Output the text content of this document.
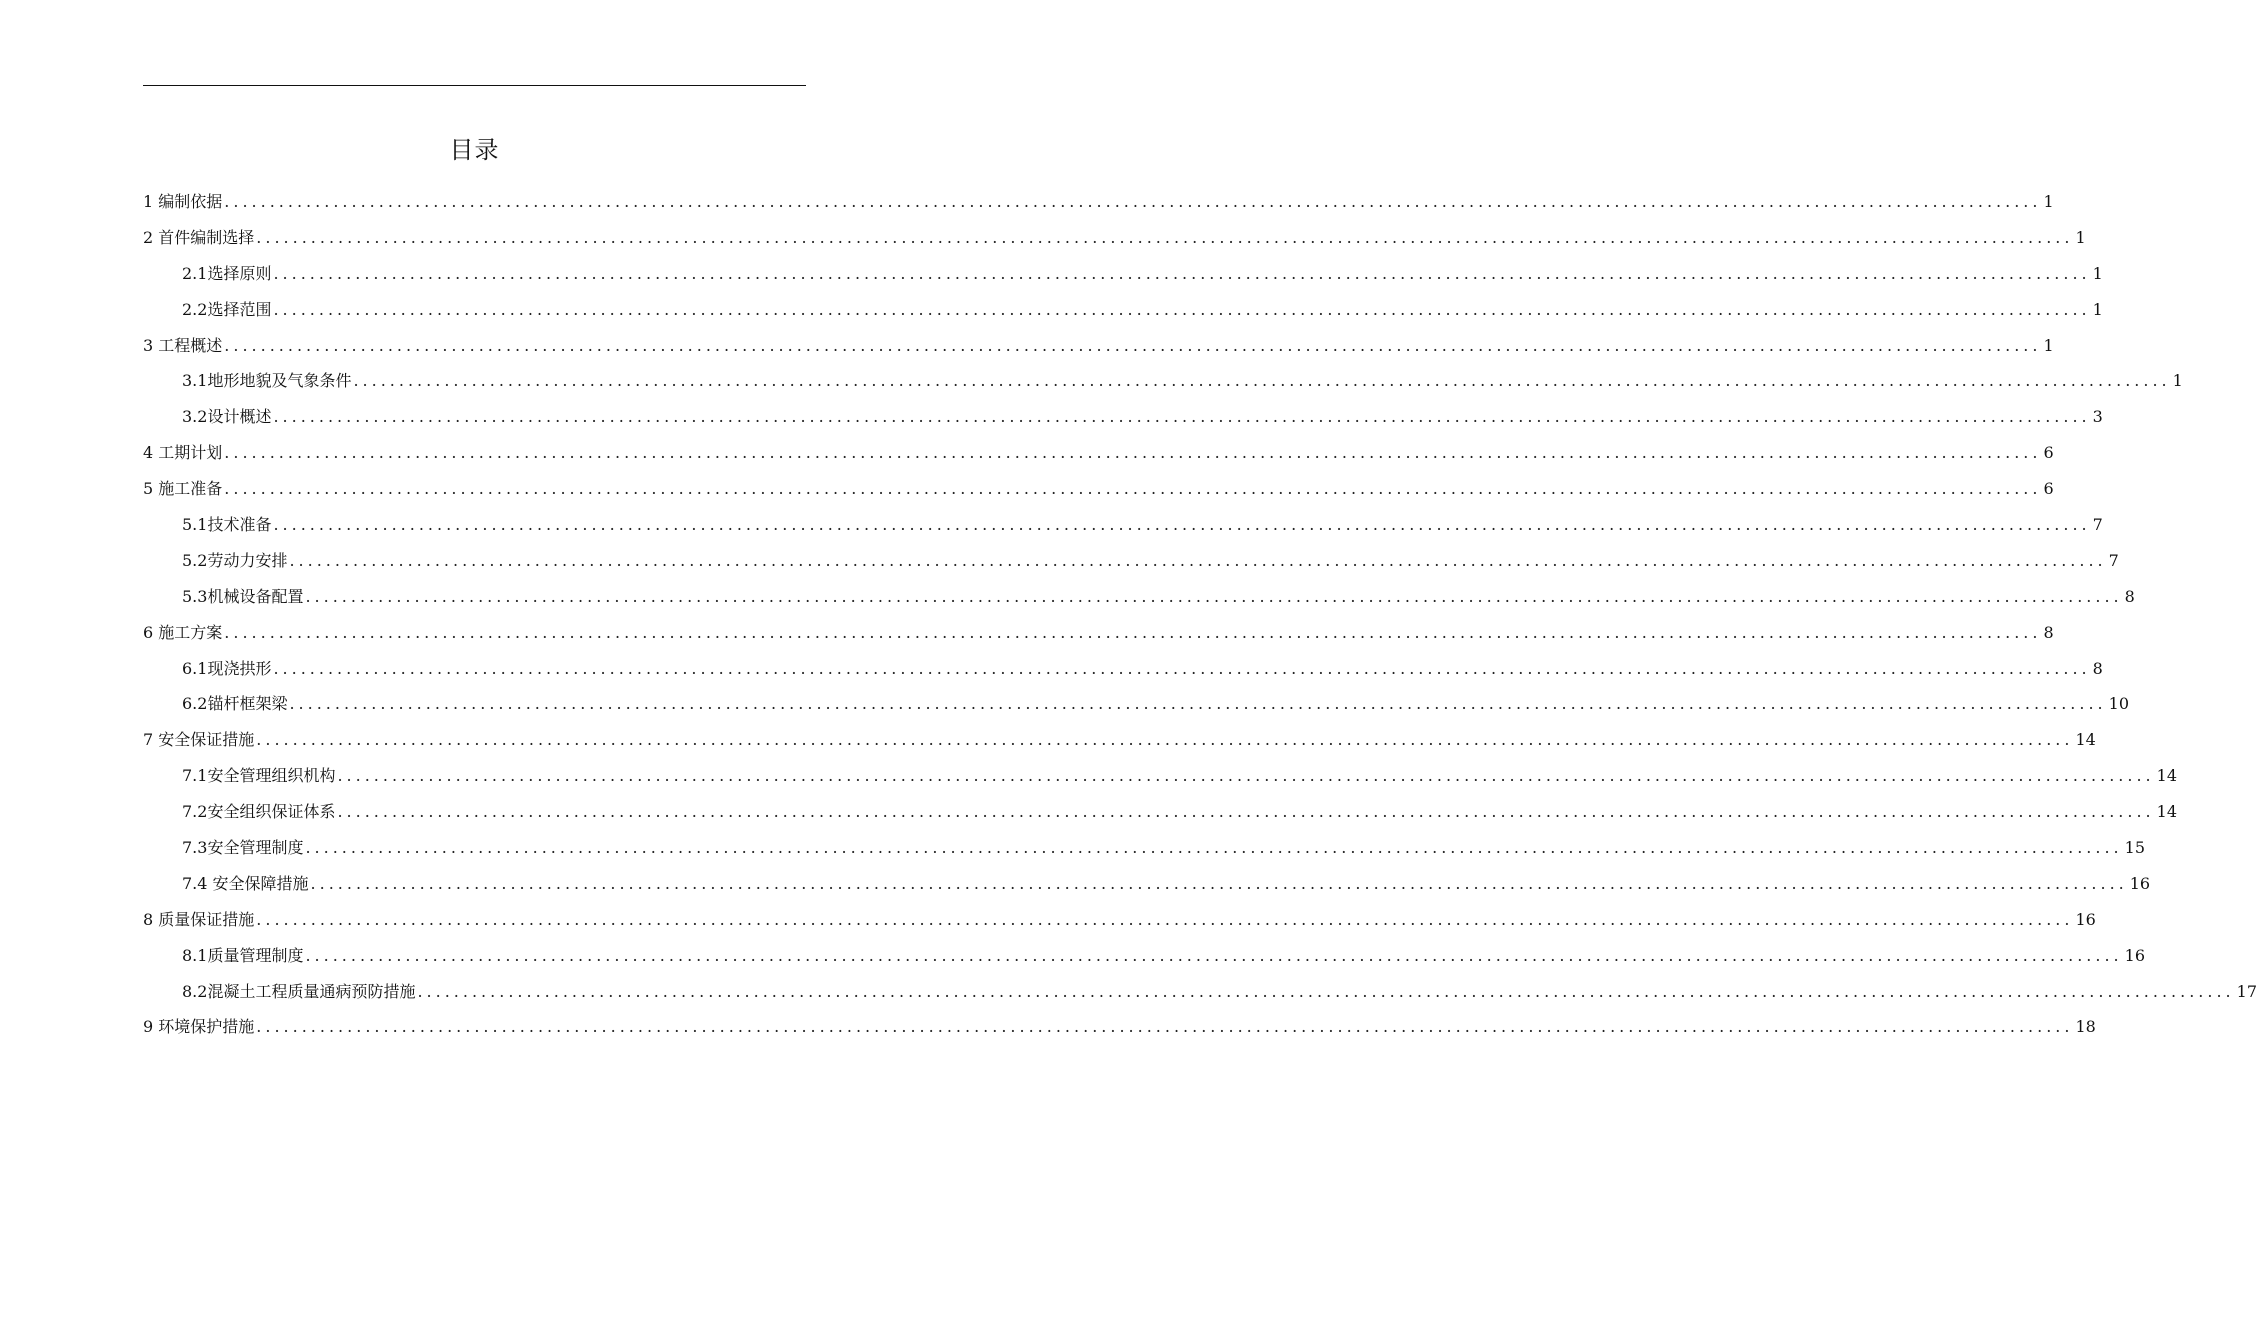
目录
1 编制依据 ........................................................................................................................................................................................................ 1
2 首件编制选择 ........................................................................................................................................................................................................ 1
2.1选择原则 ........................................................................................................................................................................................................ 1
2.2选择范围 ........................................................................................................................................................................................................ 1
3 工程概述 ........................................................................................................................................................................................................ 1
3.1地形地貌及气象条件 ........................................................................................................................................................................................................ 1
3.2设计概述 ........................................................................................................................................................................................................ 3
4 工期计划 ........................................................................................................................................................................................................ 6
5 施工准备 ........................................................................................................................................................................................................ 6
5.1技术准备 ........................................................................................................................................................................................................ 7
5.2劳动力安排 ........................................................................................................................................................................................................ 7
5.3机械设备配置 ........................................................................................................................................................................................................ 8
6 施工方案 ........................................................................................................................................................................................................ 8
6.1现浇拱形 ........................................................................................................................................................................................................ 8
6.2锚杆框架梁 ........................................................................................................................................................................................................ 10
7 安全保证措施 ........................................................................................................................................................................................................ 14
7.1安全管理组织机构 ........................................................................................................................................................................................................ 14
7.2安全组织保证体系 ........................................................................................................................................................................................................ 14
7.3安全管理制度 ........................................................................................................................................................................................................ 15
7.4 安全保障措施 ........................................................................................................................................................................................................ 16
8 质量保证措施 ........................................................................................................................................................................................................ 16
8.1质量管理制度 ........................................................................................................................................................................................................ 16
8.2混凝土工程质量通病预防措施 ........................................................................................................................................................................................................ 17
9 环境保护措施 ........................................................................................................................................................................................................ 18
